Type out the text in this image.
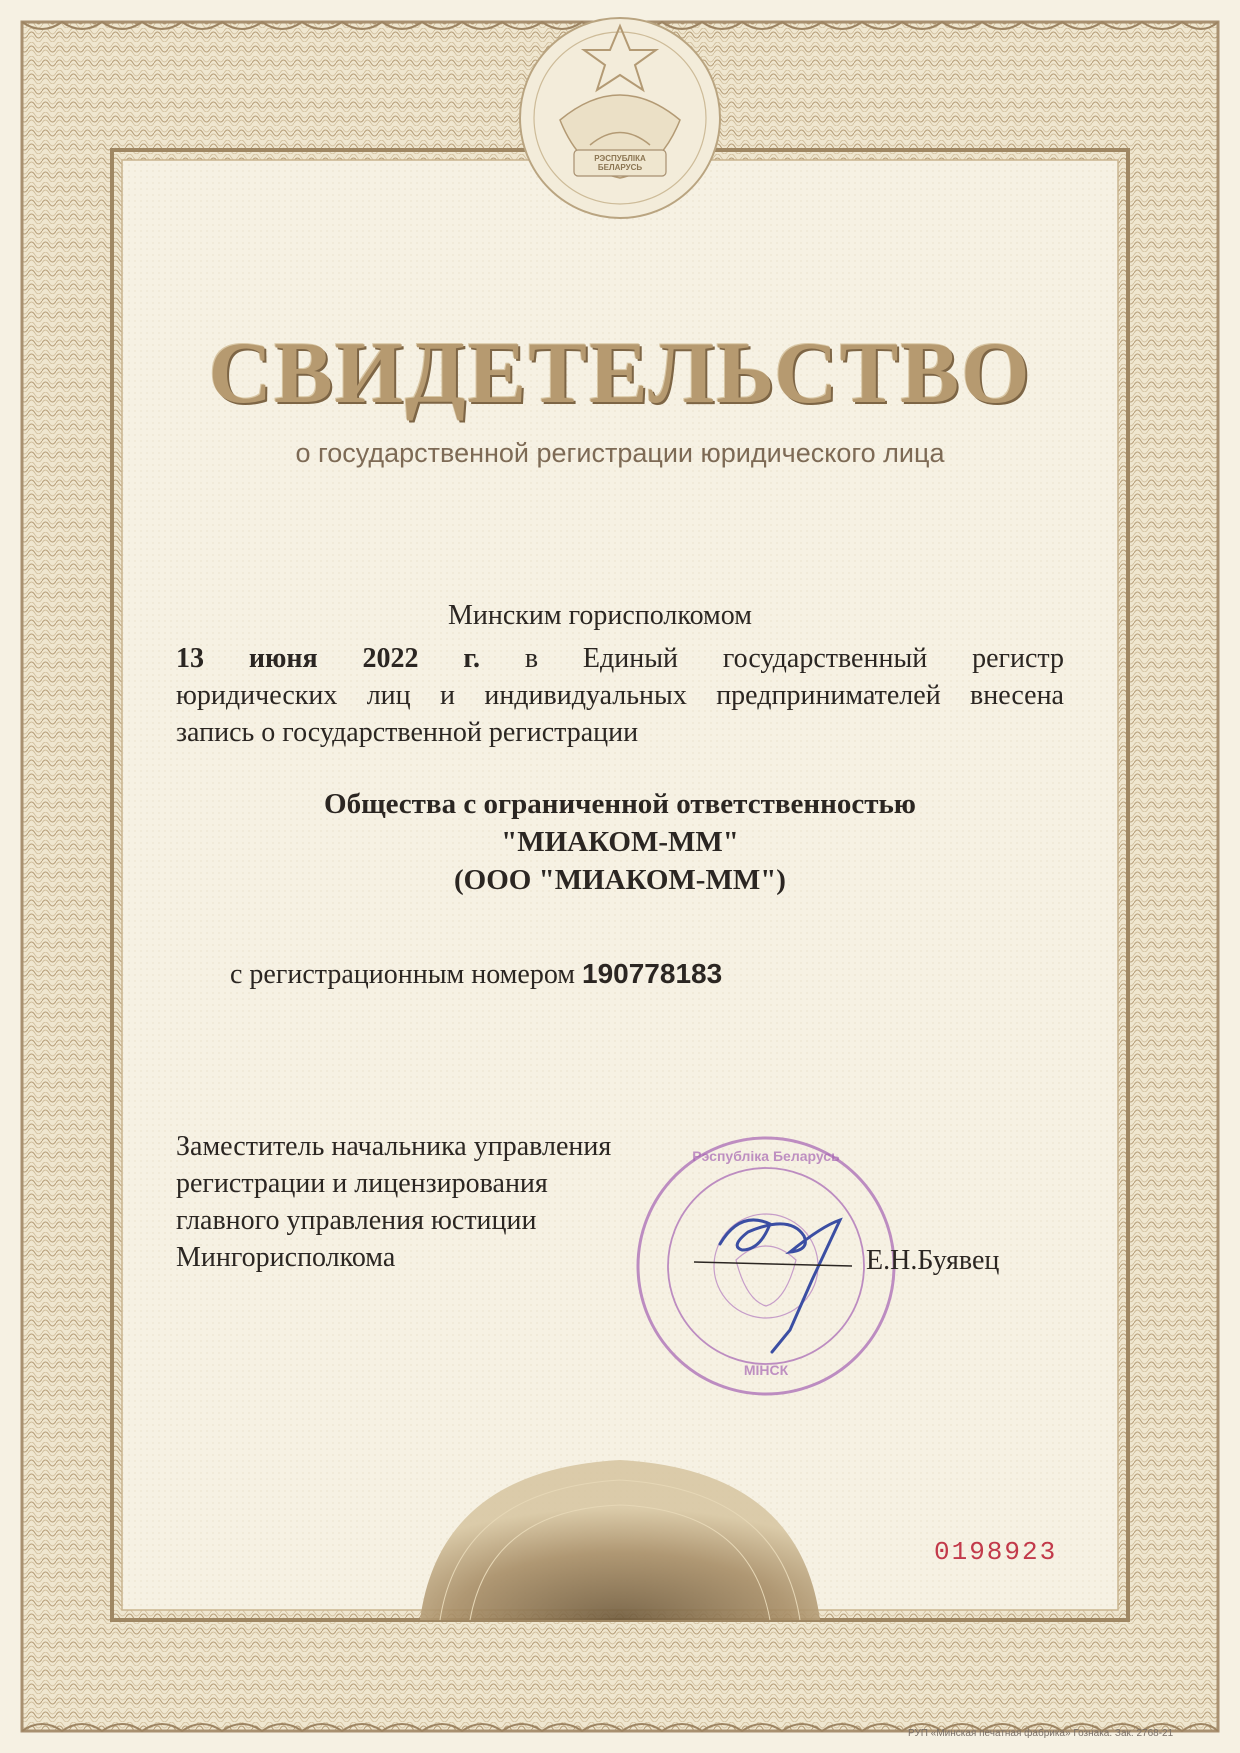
РЭСПУБЛІКА БЕЛАРУСЬ
СВИДЕТЕЛЬСТВО
о государственной регистрации юридического лица
Минским горисполкомом
13 июня 2022 г. в Единый государственный регистр
юридических лиц и индивидуальных предпринимателей внесена
запись о государственной регистрации
Общества с ограниченной ответственностью
"МИАКОМ-ММ"
(ООО "МИАКОМ-ММ")
с регистрационным номером 190778183
Заместитель начальника управления
регистрации и лицензирования
главного управления юстиции
Мингорисполкома	Е.Н.Буявец
Рэспубліка Беларусь
МІНСК
0198923
РУП «Минская печатная фабрика» Гознака. Зак. 2768-21
